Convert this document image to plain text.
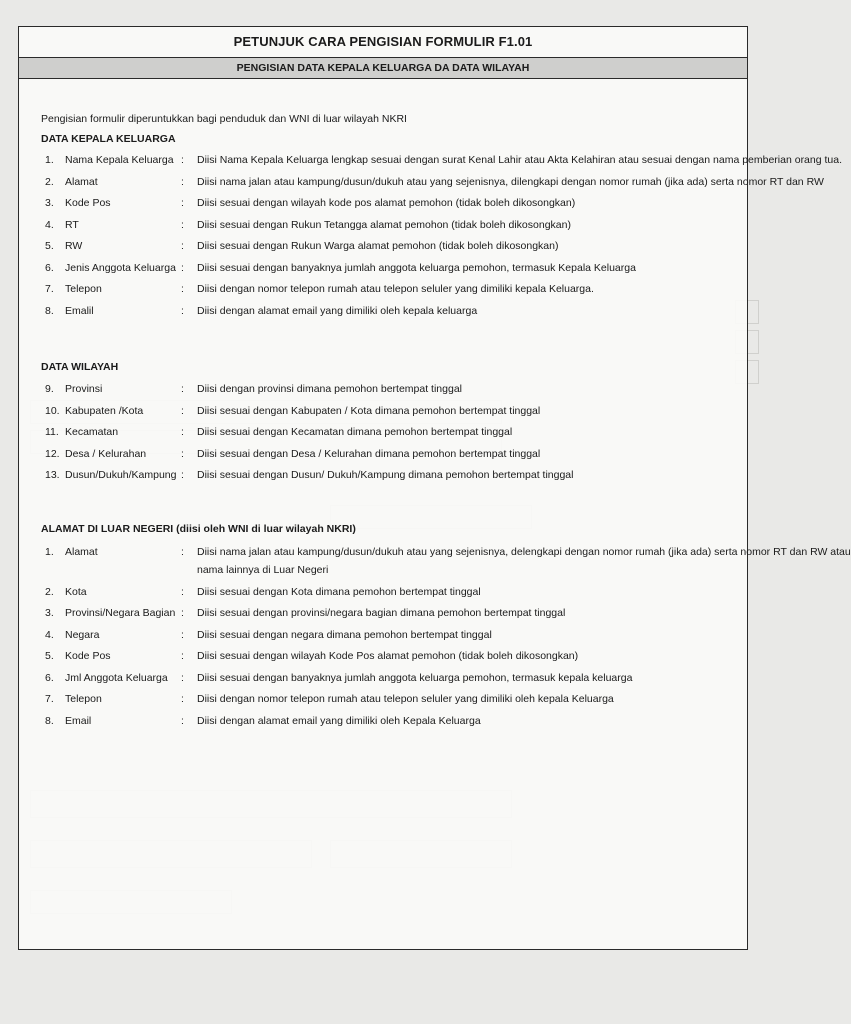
PETUNJUK CARA PENGISIAN FORMULIR F1.01
PENGISIAN DATA KEPALA KELUARGA DA DATA WILAYAH
Pengisian formulir diperuntukkan bagi penduduk dan WNI di luar wilayah NKRI
DATA KEPALA KELUARGA
1.	Nama Kepala Keluarga : Diisi Nama Kepala Keluarga lengkap sesuai dengan surat Kenal Lahir atau Akta Kelahiran atau sesuai dengan nama pemberian orang tua.
2.	Alamat	: Diisi nama jalan atau kampung/dusun/dukuh atau yang sejenisnya, dilengkapi dengan nomor rumah (jika ada) serta nomor RT dan RW
3.	Kode Pos	: Diisi sesuai dengan wilayah kode pos alamat pemohon (tidak boleh dikosongkan)
4.	RT	: Diisi sesuai dengan Rukun Tetangga alamat pemohon (tidak boleh dikosongkan)
5.	RW	: Diisi sesuai dengan Rukun Warga alamat pemohon (tidak boleh dikosongkan)
6.	Jenis Anggota Keluarga : Diisi sesuai dengan banyaknya jumlah anggota keluarga pemohon, termasuk Kepala Keluarga
7.	Telepon	: Diisi dengan nomor telepon rumah atau telepon seluler yang dimiliki kepala Keluarga.
8.	Emalil	: Diisi dengan alamat email yang dimiliki oleh kepala keluarga
DATA WILAYAH
9.	Provinsi	: Diisi dengan provinsi dimana pemohon bertempat tinggal
10. Kabupaten /Kota	: Diisi sesuai dengan Kabupaten / Kota dimana pemohon bertempat tinggal
11. Kecamatan	: Diisi sesuai dengan Kecamatan dimana pemohon bertempat tinggal
12. Desa / Kelurahan	: Diisi sesuai dengan Desa / Kelurahan dimana pemohon bertempat tinggal
13. Dusun/Dukuh/Kampung : Diisi sesuai dengan Dusun/ Dukuh/Kampung dimana pemohon bertempat tinggal
ALAMAT DI LUAR NEGERI (diisi oleh WNI di luar wilayah NKRI)
1.	Alamat	: Diisi nama jalan atau kampung/dusun/dukuh atau yang sejenisnya, delengkapi dengan nomor rumah (jika ada) serta nomor RT dan RW atau
nama lainnya di Luar Negeri
2.	Kota	: Diisi sesuai dengan Kota dimana pemohon bertempat tinggal
3.	Provinsi/Negara Bagian : Diisi sesuai dengan provinsi/negara bagian dimana pemohon bertempat tinggal
4.	Negara	: Diisi sesuai dengan negara dimana pemohon bertempat tinggal
5.	Kode Pos	: Diisi sesuai dengan wilayah Kode Pos alamat pemohon (tidak boleh dikosongkan)
6.	Jml Anggota Keluarga	: Diisi sesuai dengan banyaknya jumlah anggota keluarga pemohon, termasuk kepala keluarga
7.	Telepon	: Diisi dengan nomor telepon rumah atau telepon seluler yang dimiliki oleh kepala Keluarga
8.	Email	: Diisi dengan alamat email yang dimiliki oleh Kepala Keluarga
